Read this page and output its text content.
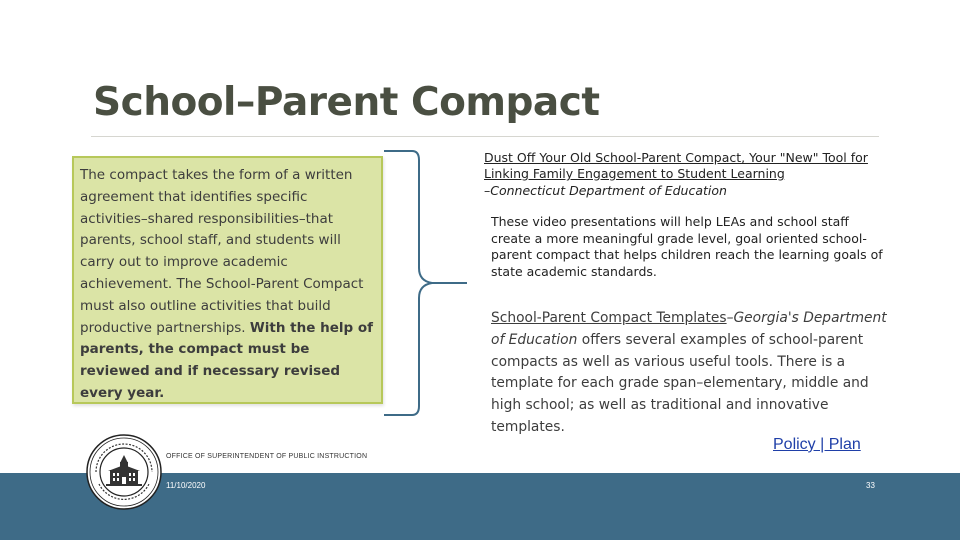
School–Parent Compact

The compact takes the form of a written agreement that identifies specific activities–shared responsibilities–that parents, school staff, and students will carry out to improve academic achievement. The School-Parent Compact must also outline activities that build productive partnerships. With the help of parents, the compact must be reviewed and if necessary revised every year.

Dust Off Your Old School-Parent Compact, Your "New" Tool for Linking Family Engagement to Student Learning
–Connecticut Department of Education
These video presentations will help LEAs and school staff create a more meaningful grade level, goal oriented school-parent compact that helps children reach the learning goals of state academic standards.
School-Parent Compact Templates–Georgia's Department of Education offers several examples of school-parent compacts as well as various useful tools. There is a template for each grade span–elementary, middle and high school; as well as traditional and innovative templates.
Policy | Plan
OFFICE OF SUPERINTENDENT OF PUBLIC INSTRUCTION
11/10/2020	33
